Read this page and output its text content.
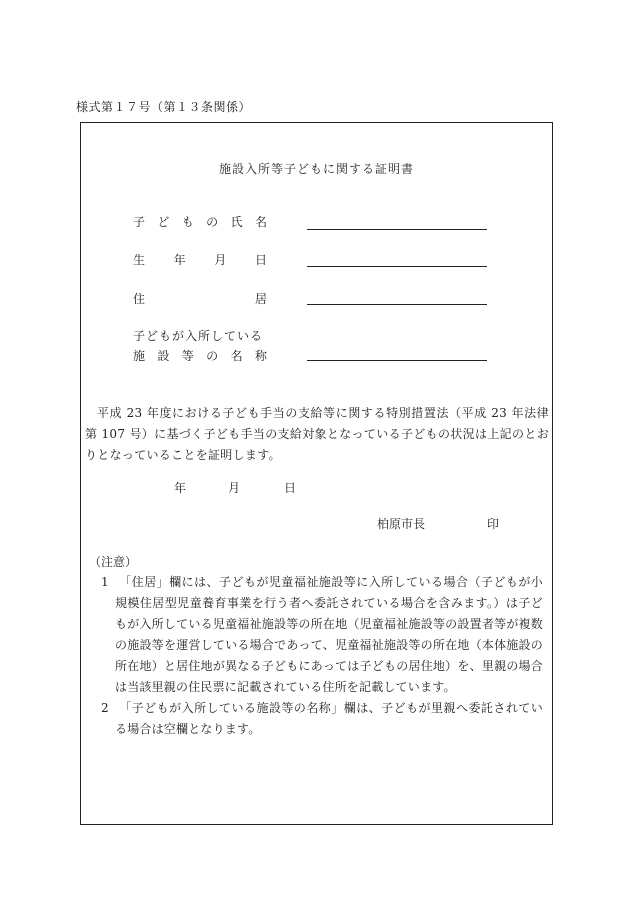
様式第１７号（第１３条関係）
施設入所等子どもに関する証明書
子 ど も の 氏 名
生 年 月 日
住	居
子どもが入所している
施 設 等 の 名 称
平成 23 年度における子ども手当の支給等に関する特別措置法（平成 23 年法律第 107 号）に基づく子ども手当の支給対象となっている子どもの状況は上記のとおりとなっていることを証明します。
年	月	日
柏原市長	印
（注意）
1 「住居」欄には、子どもが児童福祉施設等に入所している場合（子どもが小規模住居型児童養育事業を行う者へ委託されている場合を含みます。）は子どもが入所している児童福祉施設等の所在地（児童福祉施設等の設置者等が複数の施設等を運営している場合であって、児童福祉施設等の所在地（本体施設の所在地）と居住地が異なる子どもにあっては子どもの居住地）を、里親の場合は当該里親の住民票に記載されている住所を記載しています。
2 「子どもが入所している施設等の名称」欄は、子どもが里親へ委託されている場合は空欄となります。
